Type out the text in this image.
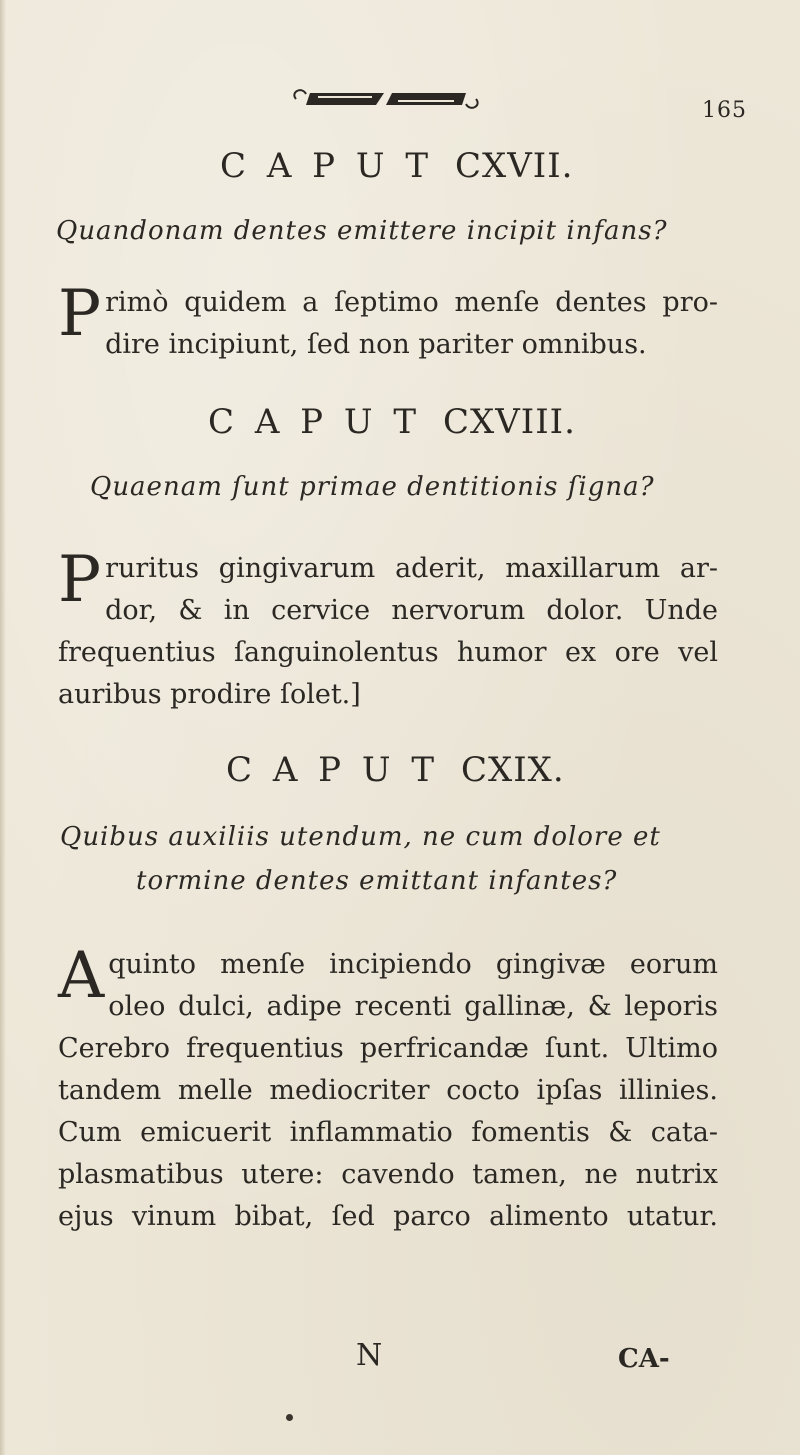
165
C A P U T CXVII.
Quandonam dentes emittere incipit infans?
P rimò quidem a ſeptimo menſe dentes pro-
dire incipiunt, ſed non pariter omnibus.
C A P U T CXVIII.
Quaenam ſunt primae dentitionis ſigna?
P ruritus gingivarum aderit, maxillarum ar-
dor, & in cervice nervorum dolor. Unde
frequentius ſanguinolentus humor ex ore vel
auribus prodire ſolet.]
C A P U T CXIX.
Quibus auxiliis utendum, ne cum dolore et
tormine dentes emittant infantes?
A quinto menſe incipiendo gingivæ eorum
oleo dulci, adipe recenti gallinæ, & leporis
Cerebro frequentius perfricandæ ſunt. Ultimo
tandem melle mediocriter cocto ipſas illinies.
Cum emicuerit inflammatio fomentis & cata-
plasmatibus utere: cavendo tamen, ne nutrix
ejus vinum bibat, ſed parco alimento utatur.
N	CA-
